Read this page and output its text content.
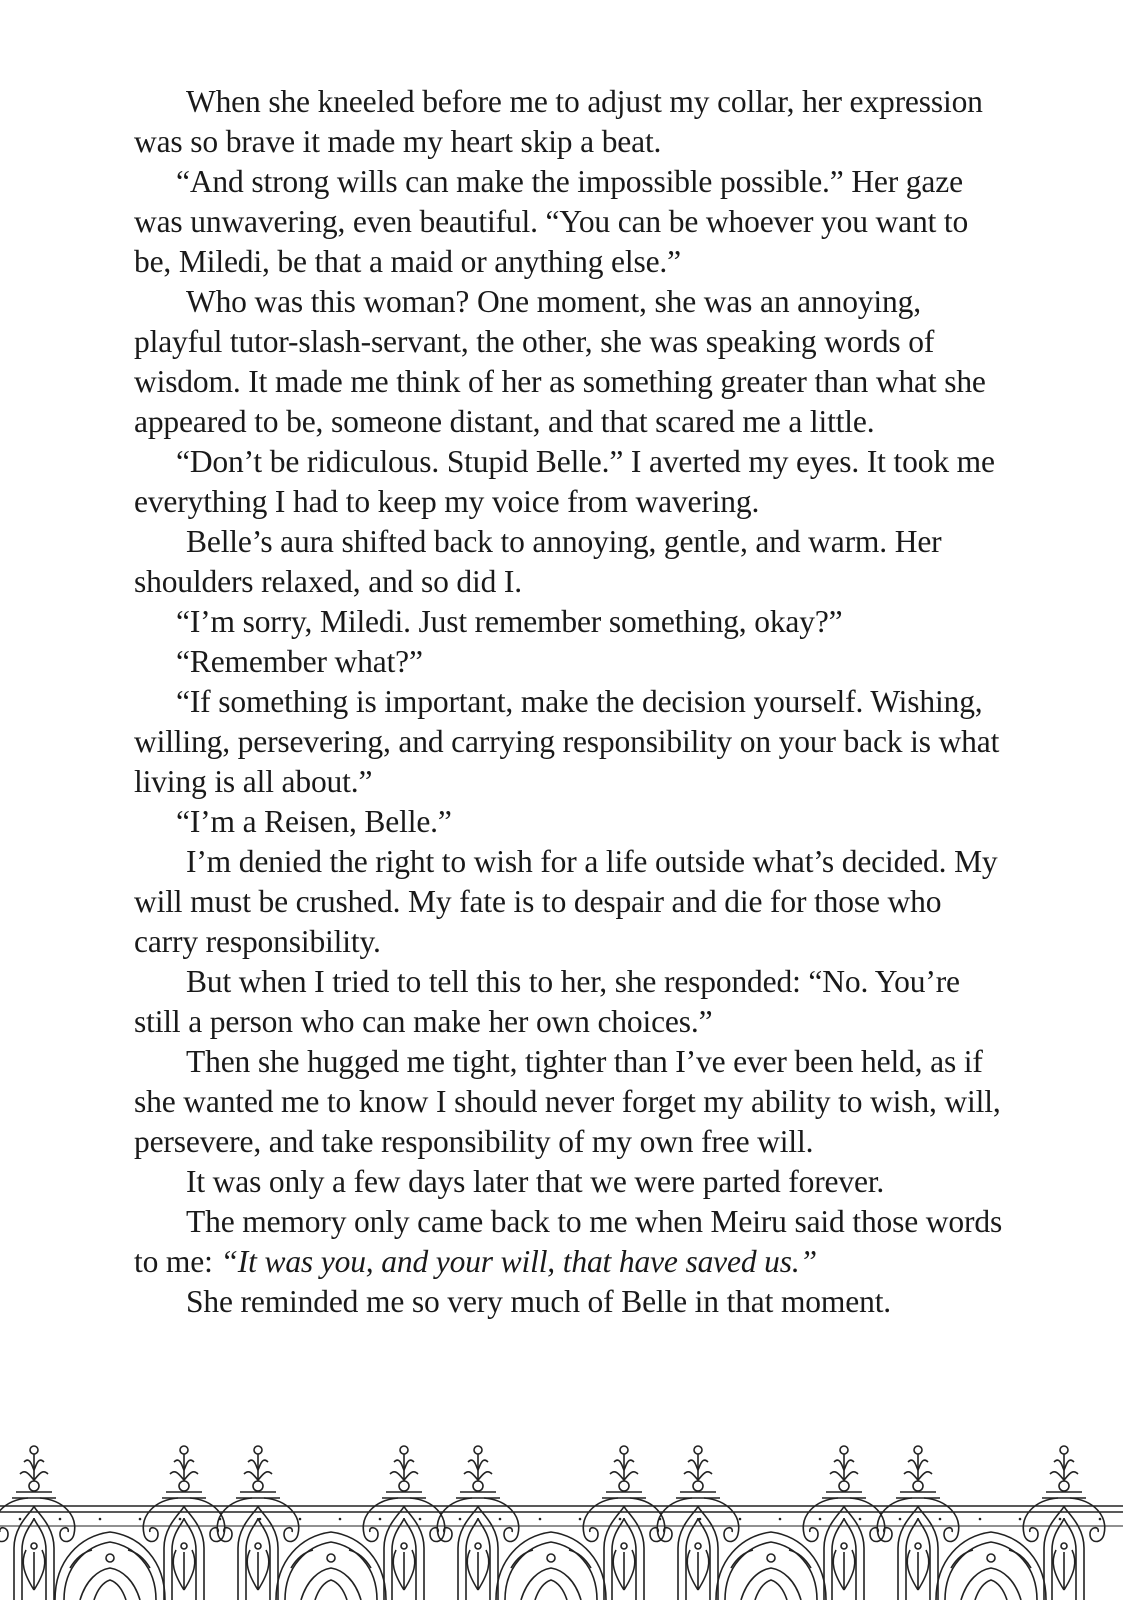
When she kneeled before me to adjust my collar, her expression was so brave it made my heart skip a beat.

“And strong wills can make the impossible possible.” Her gaze was unwavering, even beautiful. “You can be whoever you want to be, Miledi, be that a maid or anything else.”

Who was this woman? One moment, she was an annoying, playful tutor-slash-servant, the other, she was speaking words of wisdom. It made me think of her as something greater than what she appeared to be, someone distant, and that scared me a little.

“Don’t be ridiculous. Stupid Belle.” I averted my eyes. It took me everything I had to keep my voice from wavering.

Belle’s aura shifted back to annoying, gentle, and warm. Her shoulders relaxed, and so did I.

“I’m sorry, Miledi. Just remember something, okay?”

“Remember what?”

“If something is important, make the decision yourself. Wishing, willing, persevering, and carrying responsibility on your back is what living is all about.”

“I’m a Reisen, Belle.”

I’m denied the right to wish for a life outside what’s decided. My will must be crushed. My fate is to despair and die for those who carry responsibility.

But when I tried to tell this to her, she responded: “No. You’re still a person who can make her own choices.”

Then she hugged me tight, tighter than I’ve ever been held, as if she wanted me to know I should never forget my ability to wish, will, persevere, and take responsibility of my own free will.

It was only a few days later that we were parted forever.

The memory only came back to me when Meiru said those words to me: “It was you, and your will, that have saved us.”

She reminded me so very much of Belle in that moment.
